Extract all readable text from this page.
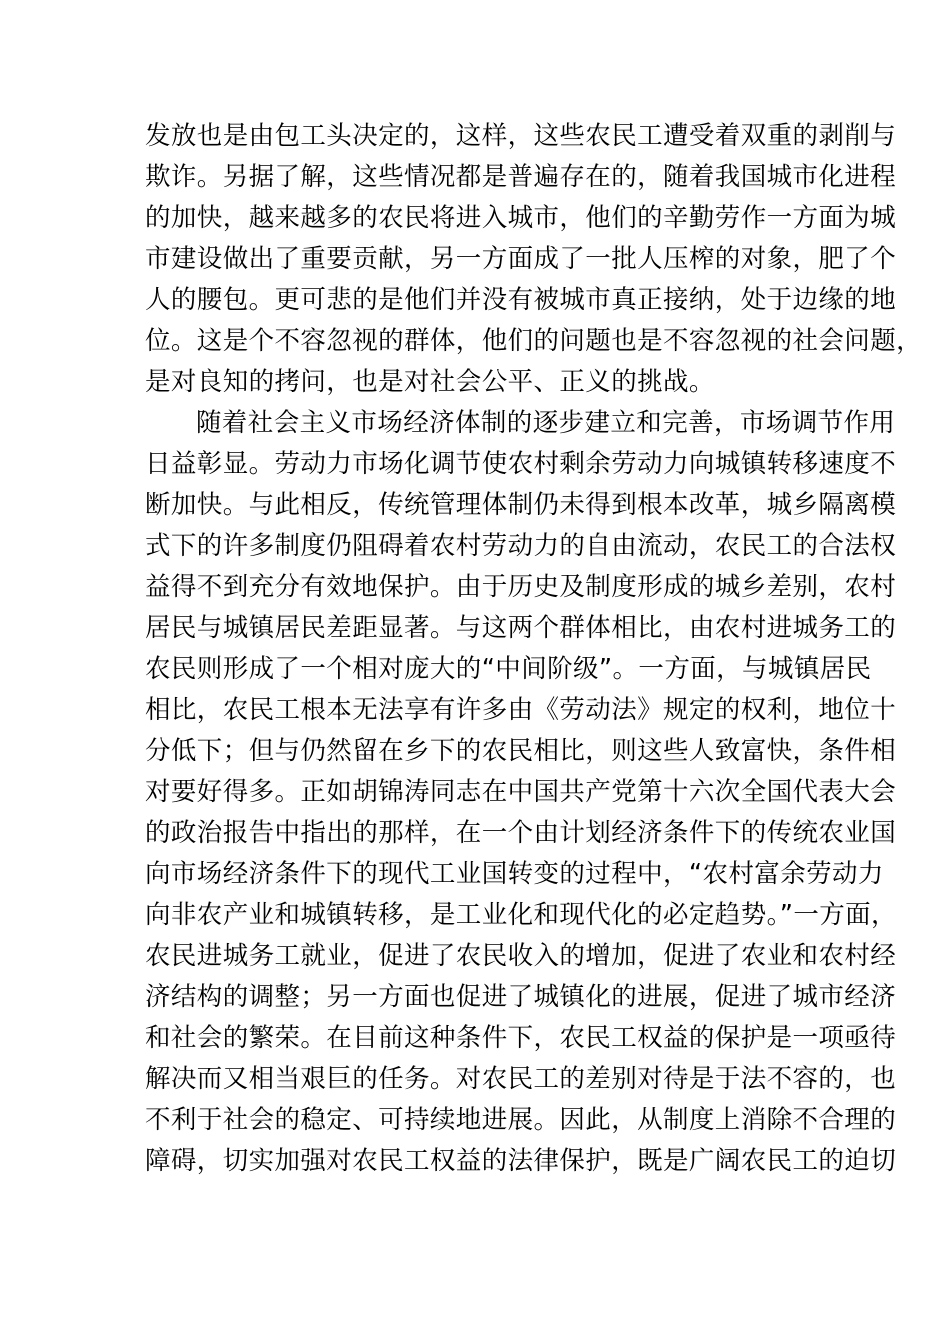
发放也是由包工头决定的，这样，这些农民工遭受着双重的剥削与
欺诈。另据了解，这些情况都是普遍存在的，随着我国城市化进程
的加快，越来越多的农民将进入城市，他们的辛勤劳作一方面为城
市建设做出了重要贡献，另一方面成了一批人压榨的对象，肥了个
人的腰包。更可悲的是他们并没有被城市真正接纳，处于边缘的地
位。这是个不容忽视的群体，他们的问题也是不容忽视的社会问题，
是对良知的拷问，也是对社会公平、正义的挑战。
随着社会主义市场经济体制的逐步建立和完善，市场调节作用
日益彰显。劳动力市场化调节使农村剩余劳动力向城镇转移速度不
断加快。与此相反，传统管理体制仍未得到根本改革，城乡隔离模
式下的许多制度仍阻碍着农村劳动力的自由流动，农民工的合法权
益得不到充分有效地保护。由于历史及制度形成的城乡差别，农村
居民与城镇居民差距显著。与这两个群体相比，由农村进城务工的
农民则形成了一个相对庞大的“中间阶级”。一方面，与城镇居民
相比，农民工根本无法享有许多由《劳动法》规定的权利，地位十
分低下；但与仍然留在乡下的农民相比，则这些人致富快，条件相
对要好得多。正如胡锦涛同志在中国共产党第十六次全国代表大会
的政治报告中指出的那样，在一个由计划经济条件下的传统农业国
向市场经济条件下的现代工业国转变的过程中，“农村富余劳动力
向非农产业和城镇转移，是工业化和现代化的必定趋势。”一方面，
农民进城务工就业，促进了农民收入的增加，促进了农业和农村经
济结构的调整；另一方面也促进了城镇化的进展，促进了城市经济
和社会的繁荣。在目前这种条件下，农民工权益的保护是一项亟待
解决而又相当艰巨的任务。对农民工的差别对待是于法不容的，也
不利于社会的稳定、可持续地进展。因此，从制度上消除不合理的
障碍，切实加强对农民工权益的法律保护，既是广阔农民工的迫切
